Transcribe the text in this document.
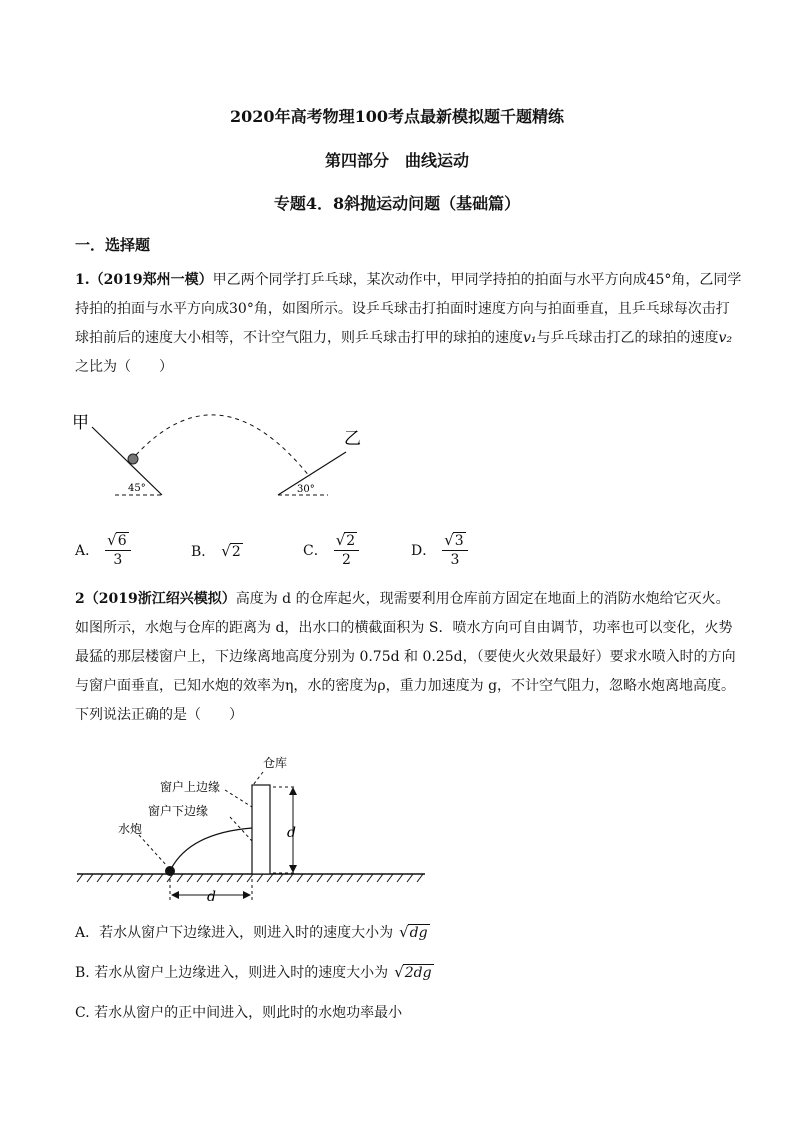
2020年高考物理100考点最新模拟题千题精练
第四部分　曲线运动
专题4．8斜抛运动问题（基础篇）
一．选择题
1.（2019郑州一模）甲乙两个同学打乒乓球，某次动作中，甲同学持拍的拍面与水平方向成45°角，乙同学
持拍的拍面与水平方向成30°角，如图所示。设乒乓球击打拍面时速度方向与拍面垂直，且乒乓球每次击打
球拍前后的速度大小相等，不计空气阻力，则乒乓球击打甲的球拍的速度v₁与乒乓球击打乙的球拍的速度v₂
之比为（　　）
甲
45°	30°
乙
A． $\frac{√6}{3}$	B． √2	C． $\frac{√2}{2}$	D． $\frac{√3}{3}$
2（2019浙江绍兴模拟）高度为 d 的仓库起火，现需要利用仓库前方固定在地面上的消防水炮给它灭火。
如图所示，水炮与仓库的距离为 d，出水口的横截面积为 S．喷水方向可自由调节，功率也可以变化，火势
最猛的那层楼窗户上，下边缘离地高度分别为 0.75d 和 0.25d，（要使火火效果最好）要求水喷入时的方向
与窗户面垂直，已知水炮的效率为η，水的密度为ρ，重力加速度为 g，不计空气阻力，忽略水炮离地高度。
下列说法正确的是（　　）
仓库
窗户上边缘
窗户下边缘
水炮	d
d
A．若水从窗户下边缘进入，则进入时的速度大小为 √dg
B. 若水从窗户上边缘进入，则进入时的速度大小为 √2dg
C. 若水从窗户的正中间进入，则此时的水炮功率最小
